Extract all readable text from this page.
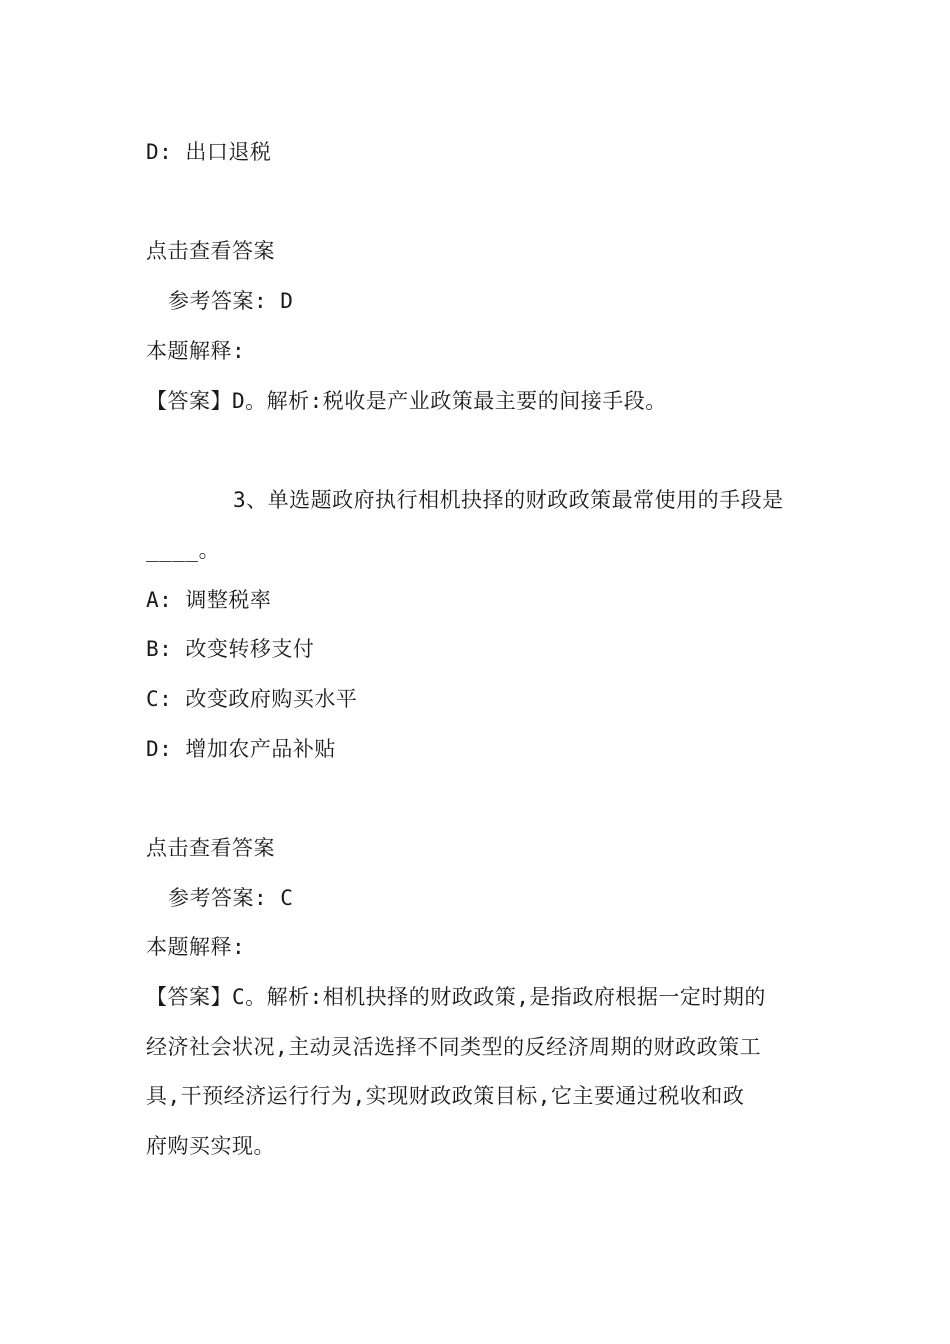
D: 出口退税
点击查看答案
参考答案: D
本题解释:
【答案】D。解析:税收是产业政策最主要的间接手段。
3、单选题政府执行相机抉择的财政政策最常使用的手段是
____。
A: 调整税率
B: 改变转移支付
C: 改变政府购买水平
D: 增加农产品补贴
点击查看答案
参考答案: C
本题解释:
【答案】C。解析:相机抉择的财政政策,是指政府根据一定时期的
经济社会状况,主动灵活选择不同类型的反经济周期的财政政策工
具,干预经济运行行为,实现财政政策目标,它主要通过税收和政
府购买实现。
